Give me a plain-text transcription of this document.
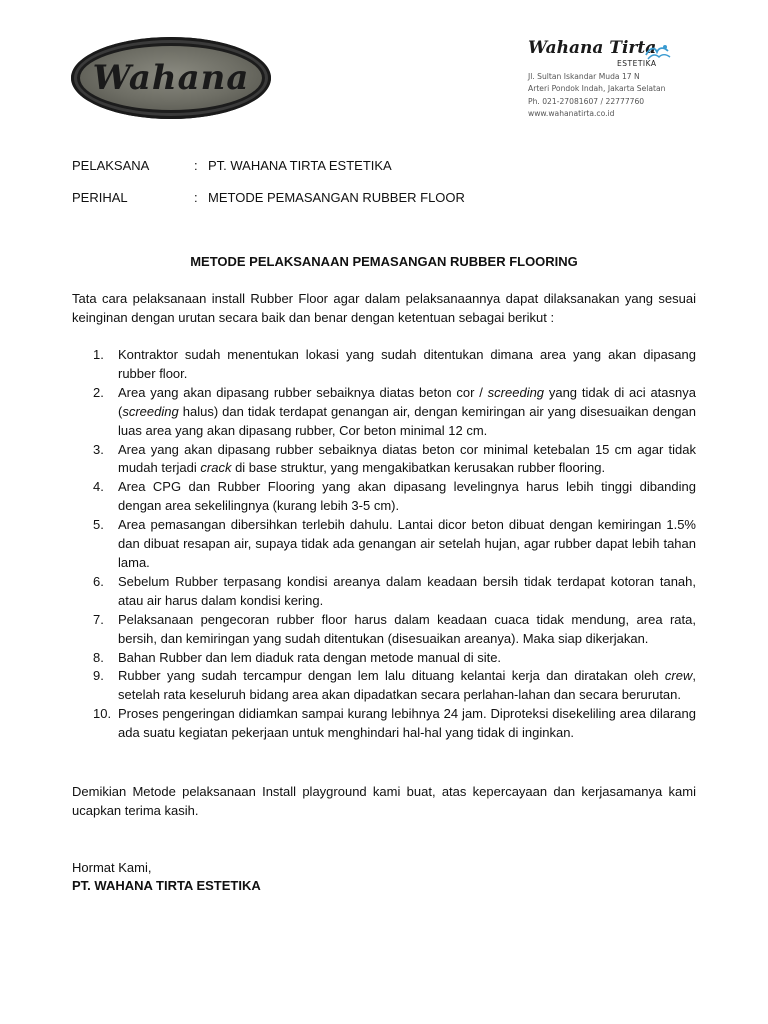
Wahana
Wahana Tirta
ESTETIKA
Jl. Sultan Iskandar Muda 17 N
Arteri Pondok Indah, Jakarta Selatan
Ph. 021-27081607 / 22777760
www.wahanatirta.co.id
PELAKSANA	: PT. WAHANA TIRTA ESTETIKA
PERIHAL	: METODE PEMASANGAN RUBBER FLOOR
METODE PELAKSANAAN PEMASANGAN RUBBER FLOORING
Tata cara pelaksanaan install Rubber Floor agar dalam pelaksanaannya dapat dilaksanakan yang sesuai keinginan dengan urutan secara baik dan benar dengan ketentuan sebagai berikut :
1. Kontraktor sudah menentukan lokasi yang sudah ditentukan dimana area yang akan dipasang rubber floor.
2. Area yang akan dipasang rubber sebaiknya diatas beton cor / screeding yang tidak di aci atasnya (screeding halus) dan tidak terdapat genangan air, dengan kemiringan air yang disesuaikan dengan luas area yang akan dipasang rubber, Cor beton minimal 12 cm.
3. Area yang akan dipasang rubber sebaiknya diatas beton cor minimal ketebalan 15 cm agar tidak mudah terjadi crack di base struktur, yang mengakibatkan kerusakan rubber flooring.
4. Area CPG dan Rubber Flooring yang akan dipasang levelingnya harus lebih tinggi dibanding dengan area sekelilingnya (kurang lebih 3-5 cm).
5. Area pemasangan dibersihkan terlebih dahulu. Lantai dicor beton dibuat dengan kemiringan 1.5% dan dibuat resapan air, supaya tidak ada genangan air setelah hujan, agar rubber dapat lebih tahan lama.
6. Sebelum Rubber terpasang kondisi areanya dalam keadaan bersih tidak terdapat kotoran tanah, atau air harus dalam kondisi kering.
7. Pelaksanaan pengecoran rubber floor harus dalam keadaan cuaca tidak mendung, area rata, bersih, dan kemiringan yang sudah ditentukan (disesuaikan areanya). Maka siap dikerjakan.
8. Bahan Rubber dan lem diaduk rata dengan metode manual di site.
9. Rubber yang sudah tercampur dengan lem lalu dituang kelantai kerja dan diratakan oleh crew, setelah rata keseluruh bidang area akan dipadatkan secara perlahan-lahan dan secara berurutan.
10. Proses pengeringan didiamkan sampai kurang lebihnya 24 jam. Diproteksi disekeliling area dilarang ada suatu kegiatan pekerjaan untuk menghindari hal-hal yang tidak di inginkan.
Demikian Metode pelaksanaan Install playground kami buat, atas kepercayaan dan kerjasamanya kami ucapkan terima kasih.
Hormat Kami,
PT. WAHANA TIRTA ESTETIKA
